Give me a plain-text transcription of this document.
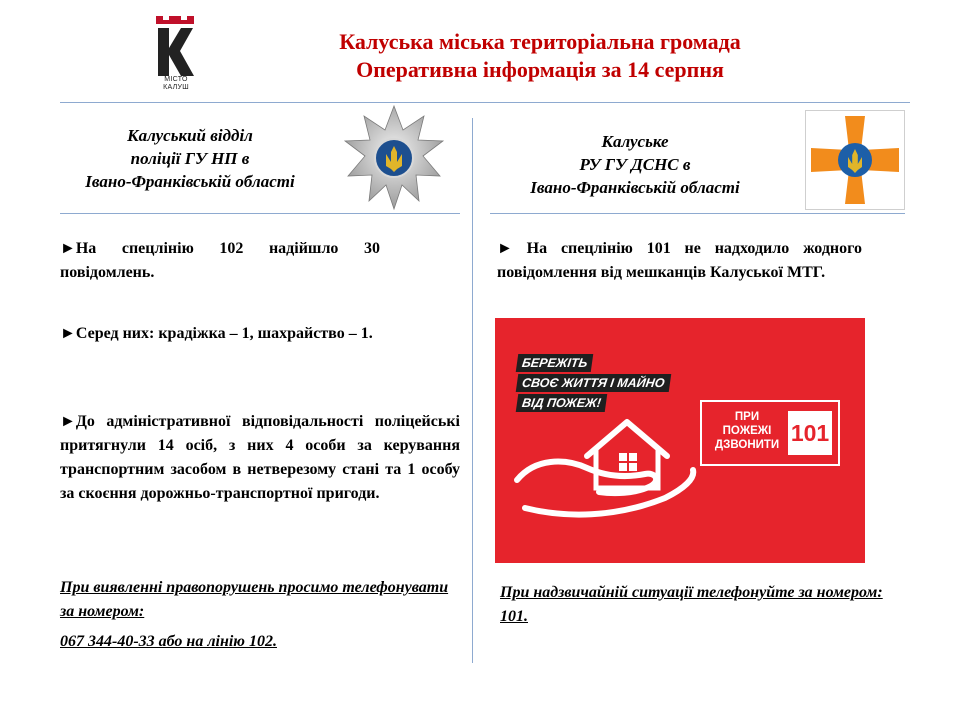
МІСТО
КАЛУШ
Калуська міська територіальна громада
Оперативна інформація за 14 серпня
Калуський відділ
поліції ГУ НП в
Івано-Франківській області
Калуське
РУ ГУ ДСНС в
Івано-Франківській області
►На спецлінію 102 надійшло 30 повідомлень.
►Серед них: крадіжка – 1, шахрайство – 1.
►До адміністративної відповідальності поліцейські притягнули 14 осіб, з них 4 особи за керування транспортним засобом в нетверезому стані та 1 особу за скоєння дорожньо-транспортної пригоди.
При виявленні правопорушень просимо телефонувати за номером:
067 344-40-33 або на лінію 102.
► На спецлінію 101 не надходило жодного повідомлення від мешканців Калуської МТГ.
БЕРЕЖІТЬ
СВОЄ ЖИТТЯ І МАЙНО
ВІД ПОЖЕЖ!
ПРИ
ПОЖЕЖІ
ДЗВОНИТИ 101
При надзвичайній ситуації телефонуйте за номером: 101.
